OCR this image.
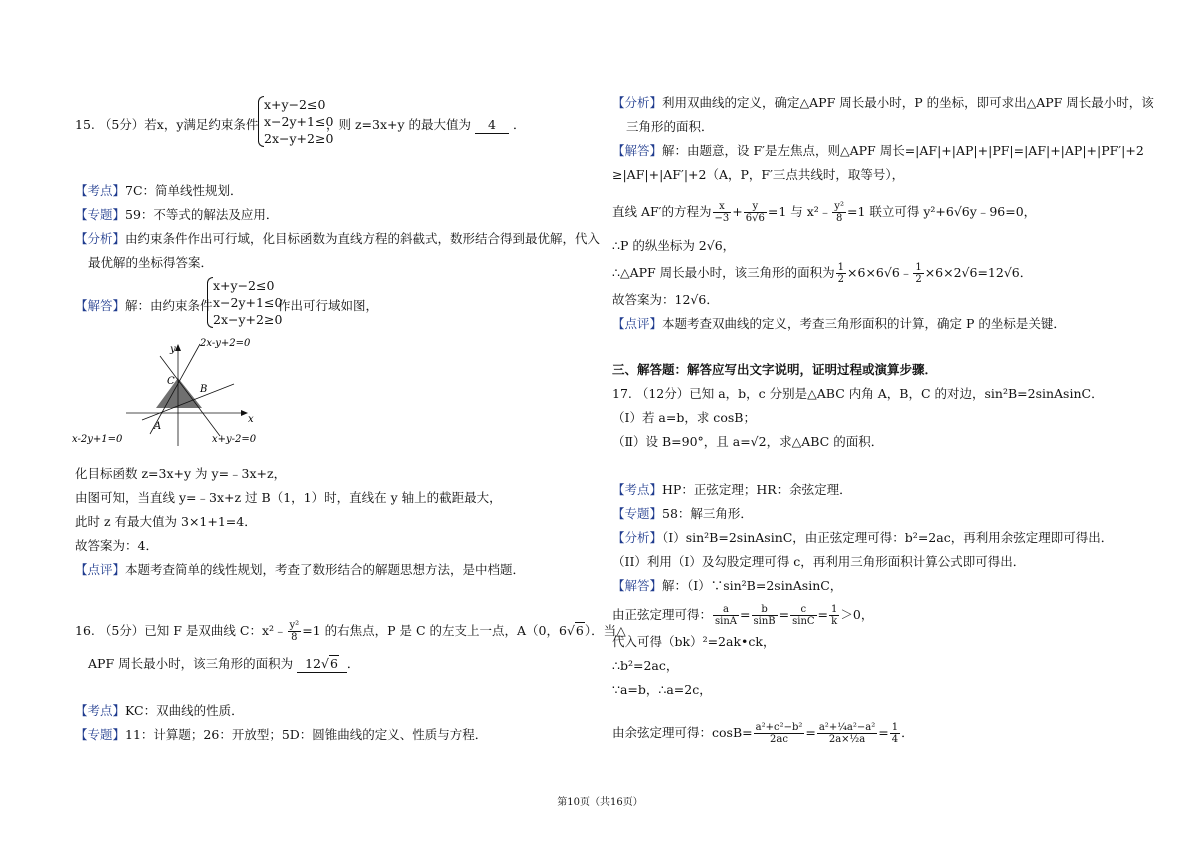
15. （5分）若x，y满足约束条件
x+y−2≤0
x−2y+1≤0
2x−y+2≥0
，则 z=3x+y 的最大值为 4 ．
【考点】7C：简单线性规划．
【专题】59：不等式的解法及应用．
【分析】由约束条件作出可行域，化目标函数为直线方程的斜截式，数形结合得到最优解，代入
最优解的坐标得答案．
【解答】解：由约束条件
x+y−2≤0
x−2y+1≤0
2x−y+2≥0
作出可行域如图，
2x-y+2=0
x-2y+1=0	x+y-2=0
y
x
A
B
C
化目标函数 z=3x+y 为 y=﹣3x+z，
由图可知，当直线 y=﹣3x+z 过 B（1，1）时，直线在 y 轴上的截距最大，
此时 z 有最大值为 3×1+1=4．
故答案为：4．
【点评】本题考查简单的线性规划，考查了数形结合的解题思想方法，是中档题．
16. （5分）已知 F 是双曲线 C：x²﹣ $\frac{\text{y²}}{8} =1$ 的右焦点，P 是 C 的左支上一点，A（0，6√6）．当△
APF 周长最小时，该三角形的面积为 12√6 ．
【考点】KC：双曲线的性质．
【专题】11：计算题；26：开放型；5D：圆锥曲线的定义、性质与方程．
【分析】利用双曲线的定义，确定△APF 周长最小时，P 的坐标，即可求出△APF 周长最小时，该
三角形的面积．
【解答】解：由题意，设 F′是左焦点，则△APF 周长=|AF|+|AP|+|PF|=|AF|+|AP|+|PF′|+2
≥|AF|+|AF′|+2（A，P，F′三点共线时，取等号），
直线 AF′的方程为 $\frac{x}{-3} + \frac{y}{6√6} =1$ 与 x²﹣ $\frac{\text{y²}}{8} =1$ 联立可得 y²+6√6y﹣96=0，
∴P 的纵坐标为 2√6，
∴△APF 周长最小时，该三角形的面积为 $\frac{1}{2}$ ×6×6√6﹣ $\frac{1}{2} \times 6\times 2√6=12√6$．
故答案为：12√6．
【点评】本题考查双曲线的定义，考查三角形面积的计算，确定 P 的坐标是关键．
三、解答题：解答应写出文字说明，证明过程或演算步骤．
17. （12分）已知 a，b，c 分别是△ABC 内角 A，B，C 的对边，sin²B=2sinAsinC．
（Ⅰ）若 a=b，求 cosB；
（Ⅱ）设 B=90°，且 a=√2，求△ABC 的面积．
【考点】HP：正弦定理；HR：余弦定理．
【专题】58：解三角形．
【分析】（I）sin²B=2sinAsinC，由正弦定理可得：b²=2ac，再利用余弦定理即可得出．
（II）利用（I）及勾股定理可得 c，再利用三角形面积计算公式即可得出．
【解答】解：（I）∵sin²B=2sinAsinC，
由正弦定理可得： $\frac{a}{\sin A} = \frac{b}{\sin B} = \frac{c}{\sin C} = \frac{1}{k} >0$，
代入可得（bk）²=2ak•ck，
∴b²=2ac，
∵a=b，∴a=2c，
由余弦定理可得：$\cos B= \frac{\text{a²+c²−b²}}{2ac} = \frac{\text{a²+¼a²−a²}}{\text{2a×½a}} = \frac{1}{4}$ ．
第10页（共16页）
